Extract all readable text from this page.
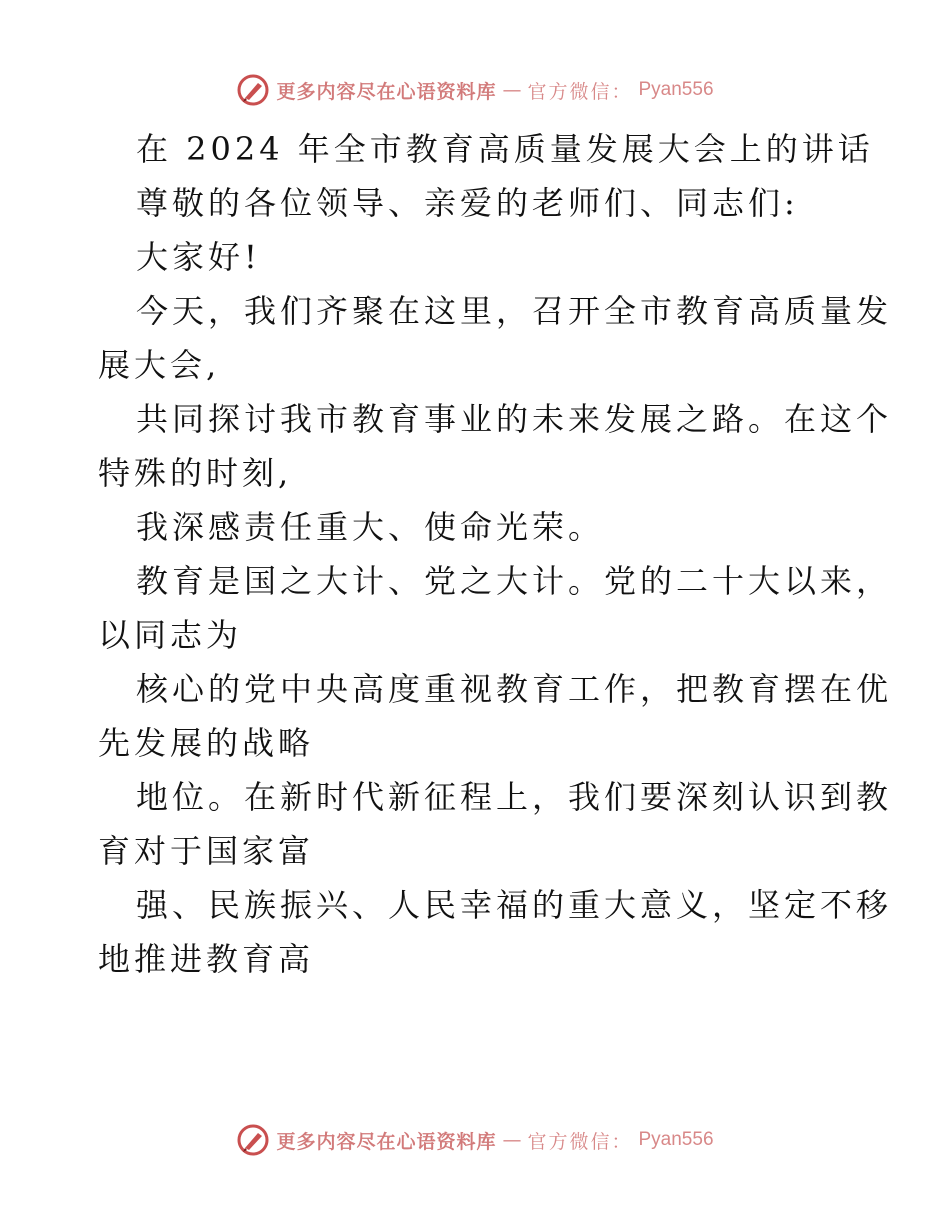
更多内容尽在心语资料库 — 官方微信： Pyan556
在 2024 年全市教育高质量发展大会上的讲话
尊敬的各位领导、亲爱的老师们、同志们:
大家好!
今天，我们齐聚在这里，召开全市教育高质量发
展大会,
共同探讨我市教育事业的未来发展之路。在这个
特殊的时刻,
我深感责任重大、使命光荣。
教育是国之大计、党之大计。党的二十大以来，
以同志为
核心的党中央高度重视教育工作，把教育摆在优
先发展的战略
地位。在新时代新征程上，我们要深刻认识到教
育对于国家富
强、民族振兴、人民幸福的重大意义，坚定不移
地推进教育高
更多内容尽在心语资料库 — 官方微信： Pyan556
